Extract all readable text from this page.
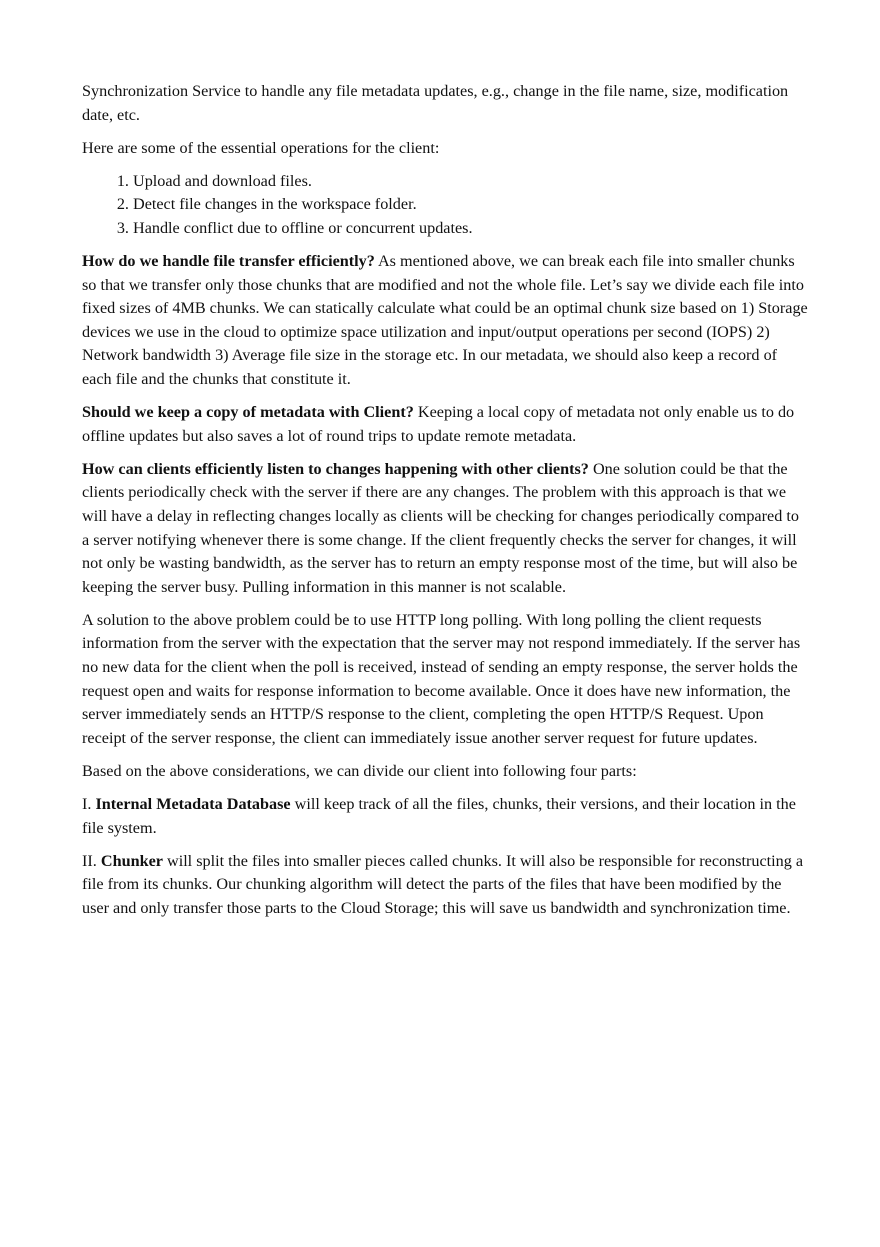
Synchronization Service to handle any file metadata updates, e.g., change in the file name, size, modification date, etc.

Here are some of the essential operations for the client:

1. Upload and download files.
2. Detect file changes in the workspace folder.
3. Handle conflict due to offline or concurrent updates.

How do we handle file transfer efficiently? As mentioned above, we can break each file into smaller chunks so that we transfer only those chunks that are modified and not the whole file. Let’s say we divide each file into fixed sizes of 4MB chunks. We can statically calculate what could be an optimal chunk size based on 1) Storage devices we use in the cloud to optimize space utilization and input/output operations per second (IOPS) 2) Network bandwidth 3) Average file size in the storage etc. In our metadata, we should also keep a record of each file and the chunks that constitute it.

Should we keep a copy of metadata with Client? Keeping a local copy of metadata not only enable us to do offline updates but also saves a lot of round trips to update remote metadata.

How can clients efficiently listen to changes happening with other clients? One solution could be that the clients periodically check with the server if there are any changes. The problem with this approach is that we will have a delay in reflecting changes locally as clients will be checking for changes periodically compared to a server notifying whenever there is some change. If the client frequently checks the server for changes, it will not only be wasting bandwidth, as the server has to return an empty response most of the time, but will also be keeping the server busy. Pulling information in this manner is not scalable.

A solution to the above problem could be to use HTTP long polling. With long polling the client requests information from the server with the expectation that the server may not respond immediately. If the server has no new data for the client when the poll is received, instead of sending an empty response, the server holds the request open and waits for response information to become available. Once it does have new information, the server immediately sends an HTTP/S response to the client, completing the open HTTP/S Request. Upon receipt of the server response, the client can immediately issue another server request for future updates.

Based on the above considerations, we can divide our client into following four parts:

I. Internal Metadata Database will keep track of all the files, chunks, their versions, and their location in the file system.

II. Chunker will split the files into smaller pieces called chunks. It will also be responsible for reconstructing a file from its chunks. Our chunking algorithm will detect the parts of the files that have been modified by the user and only transfer those parts to the Cloud Storage; this will save us bandwidth and synchronization time.
